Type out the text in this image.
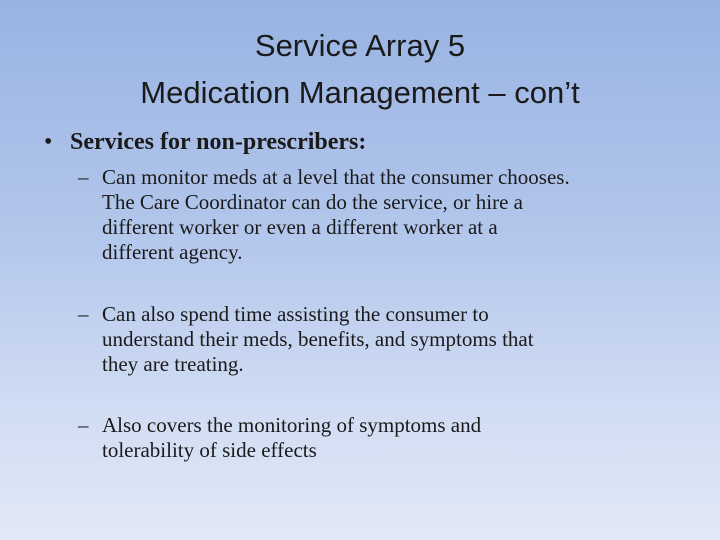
Service Array 5
Medication Management – con’t
• Services for non-prescribers:
– Can monitor meds at a level that the consumer chooses.
The Care Coordinator can do the service, or hire a
different worker or even a different worker at a
different agency.
– Can also spend time assisting the consumer to
understand their meds, benefits, and symptoms that
they are treating.
– Also covers the monitoring of symptoms and
tolerability of side effects
